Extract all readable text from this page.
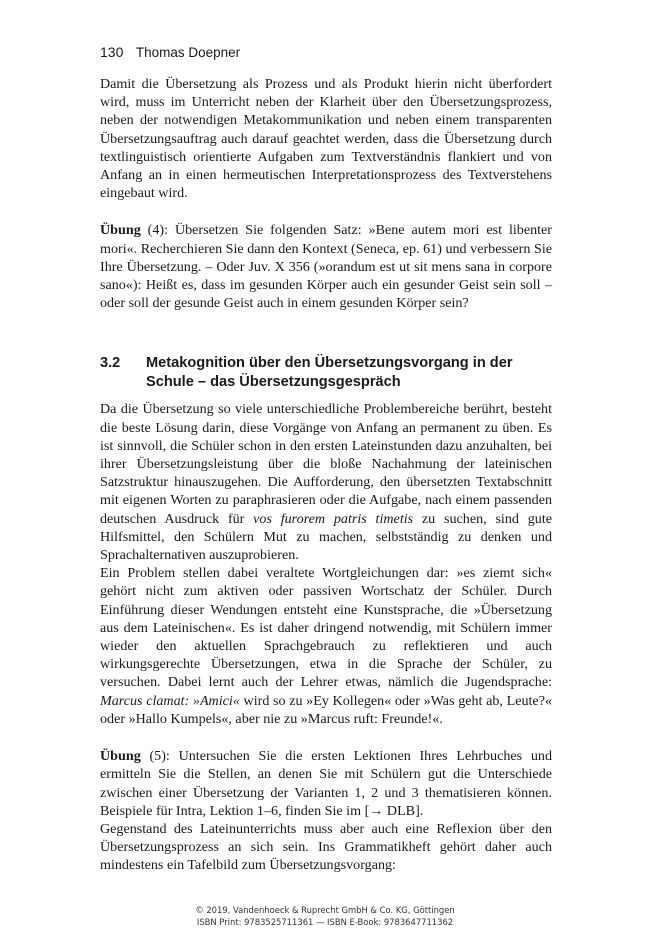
130 Thomas Doepner

Damit die Übersetzung als Prozess und als Produkt hierin nicht überfordert wird, muss im Unterricht neben der Klarheit über den Übersetzungsprozess, neben der notwendigen Metakommunikation und neben einem transparenten Übersetzungsauftrag auch darauf geachtet werden, dass die Übersetzung durch textlinguistisch orientierte Aufgaben zum Textverständnis flankiert und von Anfang an in einen hermeutischen Interpretationsprozess des Textverstehens eingebaut wird.

Übung (4): Übersetzen Sie folgenden Satz: »Bene autem mori est libenter mori«. Recherchieren Sie dann den Kontext (Seneca, ep. 61) und verbessern Sie Ihre Übersetzung. – Oder Juv. X 356 (»orandum est ut sit mens sana in corpore sano«): Heißt es, dass im gesunden Körper auch ein gesunder Geist sein soll – oder soll der gesunde Geist auch in einem gesunden Körper sein?

3.2	Metakognition über den Übersetzungsvorgang in der Schule – das Übersetzungsgespräch

Da die Übersetzung so viele unterschiedliche Problembereiche berührt, besteht die beste Lösung darin, diese Vorgänge von Anfang an permanent zu üben. Es ist sinnvoll, die Schüler schon in den ersten Lateinstunden dazu anzuhalten, bei ihrer Übersetzungsleistung über die bloße Nachahmung der lateinischen Satzstruktur hinauszugehen. Die Aufforderung, den übersetzten Textabschnitt mit eigenen Worten zu paraphrasieren oder die Aufgabe, nach einem passenden deutschen Ausdruck für vos furorem patris timetis zu suchen, sind gute Hilfsmittel, den Schülern Mut zu machen, selbstständig zu denken und Sprachalternativen auszuprobieren.

Ein Problem stellen dabei veraltete Wortgleichungen dar: »es ziemt sich« gehört nicht zum aktiven oder passiven Wortschatz der Schüler. Durch Einführung dieser Wendungen entsteht eine Kunstsprache, die »Übersetzung aus dem Lateinischen«. Es ist daher dringend notwendig, mit Schülern immer wieder den aktuellen Sprachgebrauch zu reflektieren und auch wirkungsgerechte Übersetzungen, etwa in die Sprache der Schüler, zu versuchen. Dabei lernt auch der Lehrer etwas, nämlich die Jugendsprache: Marcus clamat: »Amici« wird so zu »Ey Kollegen« oder »Was geht ab, Leute?« oder »Hallo Kumpels«, aber nie zu »Marcus ruft: Freunde!«.

Übung (5): Untersuchen Sie die ersten Lektionen Ihres Lehrbuches und ermitteln Sie die Stellen, an denen Sie mit Schülern gut die Unterschiede zwischen einer Übersetzung der Varianten 1, 2 und 3 thematisieren können. Beispiele für Intra, Lektion 1–6, finden Sie im [→ DLB].

Gegenstand des Lateinunterrichts muss aber auch eine Reflexion über den Übersetzungsprozess an sich sein. Ins Grammatikheft gehört daher auch mindestens ein Tafelbild zum Übersetzungsvorgang:

© 2019, Vandenhoeck & Ruprecht GmbH & Co. KG, Göttingen
ISBN Print: 9783525711361 — ISBN E-Book: 9783647711362
